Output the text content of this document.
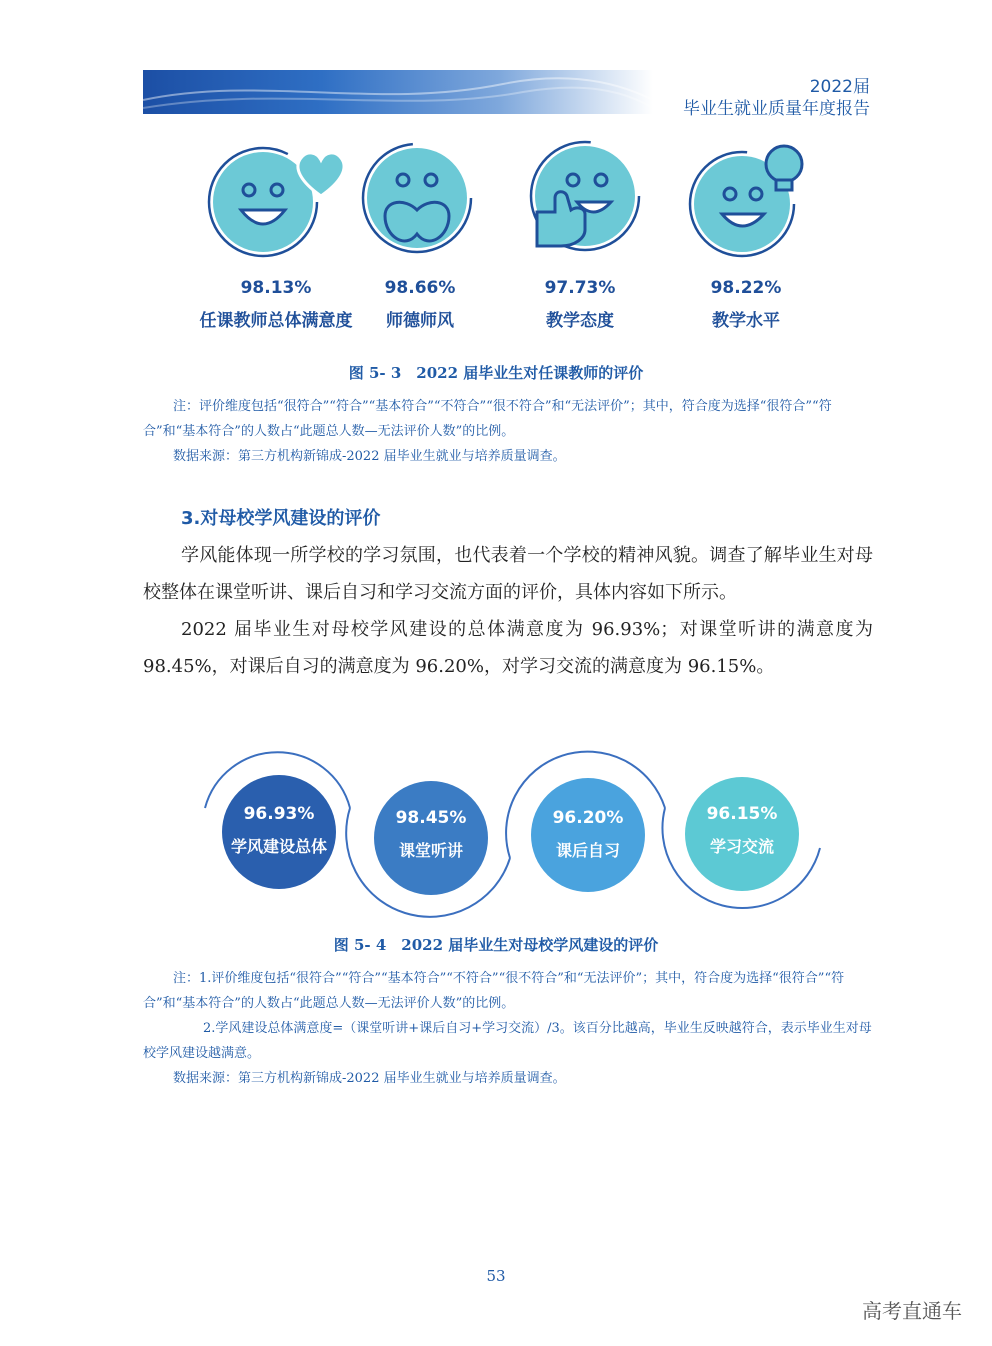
2022届
毕业生就业质量年度报告
98.13%
任课教师总体满意度
98.66%
师德师风
97.73%
教学态度
98.22%
教学水平
图 5- 3　2022 届毕业生对任课教师的评价

注：评价维度包括“很符合”“符合”“基本符合”“不符合”“很不符合”和“无法评价”；其中，符合度为选择“很符合”“符合”和“基本符合”的人数占“此题总人数—无法评价人数”的比例。

数据来源：第三方机构新锦成-2022 届毕业生就业与培养质量调查。

3.对母校学风建设的评价

学风能体现一所学校的学习氛围，也代表着一个学校的精神风貌。调查了解毕业生对母校整体在课堂听讲、课后自习和学习交流方面的评价，具体内容如下所示。

2022 届毕业生对母校学风建设的总体满意度为 96.93%；对课堂听讲的满意度为 98.45%，对课后自习的满意度为 96.20%，对学习交流的满意度为 96.15%。

96.93%
学风建设总体
98.45%
课堂听讲
96.20%
课后自习
96.15%
学习交流
图 5- 4　2022 届毕业生对母校学风建设的评价

注：1.评价维度包括“很符合”“符合”“基本符合”“不符合”“很不符合”和“无法评价”；其中，符合度为选择“很符合”“符合”和“基本符合”的人数占“此题总人数—无法评价人数”的比例。

2.学风建设总体满意度=（课堂听讲+课后自习+学习交流）/3。该百分比越高，毕业生反映越符合，表示毕业生对母校学风建设越满意。

数据来源：第三方机构新锦成-2022 届毕业生就业与培养质量调查。

53
高考直通车
